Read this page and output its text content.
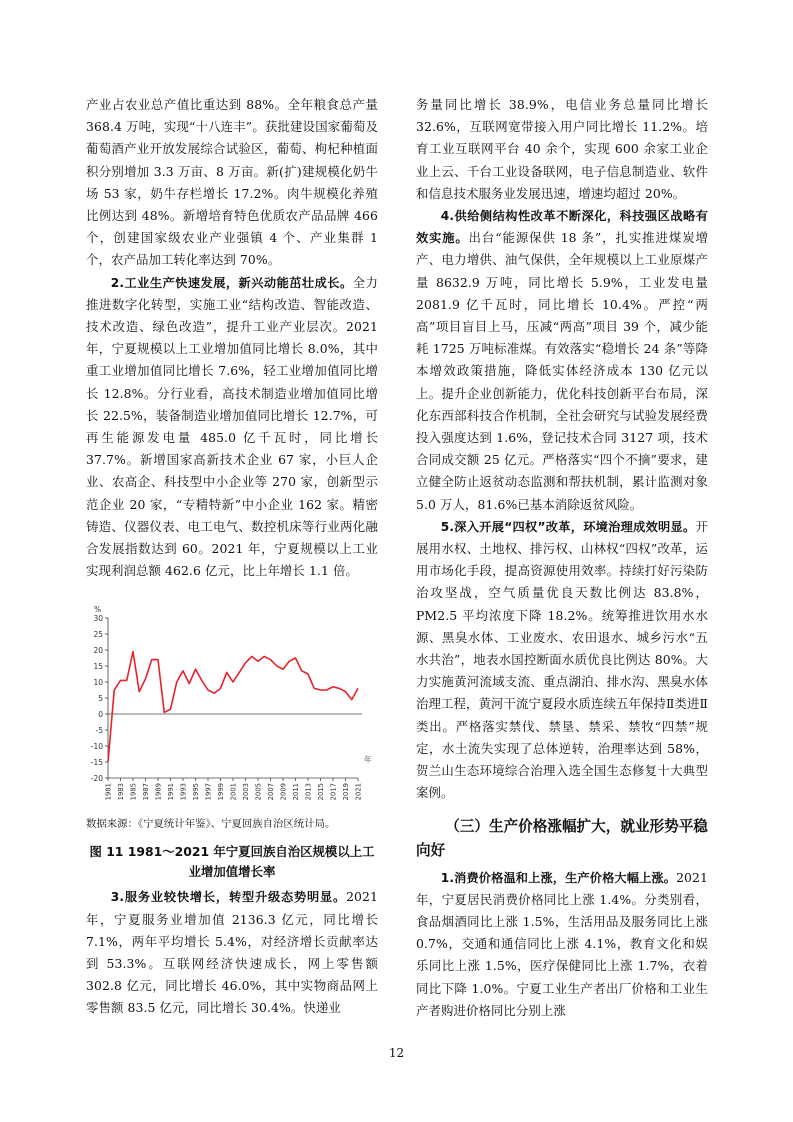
产业占农业总产值比重达到 88%。全年粮食总产量 368.4 万吨，实现“十八连丰”。获批建设国家葡萄及葡萄酒产业开放发展综合试验区，葡萄、枸杞种植面积分别增加 3.3 万亩、8 万亩。新(扩)建规模化奶牛场 53 家，奶牛存栏增长 17.2%。肉牛规模化养殖比例达到 48%。新增培育特色优质农产品品牌 466 个，创建国家级农业产业强镇 4 个、产业集群 1 个，农产品加工转化率达到 70%。

2.工业生产快速发展，新兴动能茁壮成长。全力推进数字化转型，实施工业“结构改造、智能改造、技术改造、绿色改造”，提升工业产业层次。2021 年，宁夏规模以上工业增加值同比增长 8.0%，其中重工业增加值同比增长 7.6%，轻工业增加值同比增长 12.8%。分行业看，高技术制造业增加值同比增长 22.5%，装备制造业增加值同比增长 12.7%，可再生能源发电量 485.0 亿千瓦时，同比增长 37.7%。新增国家高新技术企业 67 家，小巨人企业、农高企、科技型中小企业等 270 家，创新型示范企业 20 家，“专精特新”中小企业 162 家。精密铸造、仪器仪表、电工电气、数控机床等行业两化融合发展指数达到 60。2021 年，宁夏规模以上工业实现利润总额 462.6 亿元，比上年增长 1.1 倍。

-20
-15
-10
-5
0
5
10
15
20
25
30
%
1981 1983 1985 1987 1989 1991 1993 1995 1997 1999 2001 2003 2005 2007 2009 2011 2013 2015 2017 2019 2021
年
数据来源：《宁夏统计年鉴》、宁夏回族自治区统计局。
图 11 1981～2021 年宁夏回族自治区规模以上工业增加值增长率

3.服务业较快增长，转型升级态势明显。2021 年，宁夏服务业增加值 2136.3 亿元，同比增长 7.1%，两年平均增长 5.4%，对经济增长贡献率达到 53.3%。互联网经济快速成长，网上零售额 302.8 亿元，同比增长 46.0%，其中实物商品网上零售额 83.5 亿元，同比增长 30.4%。快递业

务量同比增长 38.9%，电信业务总量同比增长 32.6%，互联网宽带接入用户同比增长 11.2%。培育工业互联网平台 40 余个，实现 600 余家工业企业上云、千台工业设备联网，电子信息制造业、软件和信息技术服务业发展迅速，增速均超过 20%。

4.供给侧结构性改革不断深化，科技强区战略有效实施。出台“能源保供 18 条”，扎实推进煤炭增产、电力增供、油气保供，全年规模以上工业原煤产量 8632.9 万吨，同比增长 5.9%，工业发电量 2081.9 亿千瓦时，同比增长 10.4%。严控“两高”项目盲目上马，压减“两高”项目 39 个，减少能耗 1725 万吨标准煤。有效落实“稳增长 24 条”等降本增效政策措施，降低实体经济成本 130 亿元以上。提升企业创新能力，优化科技创新平台布局，深化东西部科技合作机制，全社会研究与试验发展经费投入强度达到 1.6%，登记技术合同 3127 项，技术合同成交额 25 亿元。严格落实“四个不摘”要求，建立健全防止返贫动态监测和帮扶机制，累计监测对象 5.0 万人，81.6%已基本消除返贫风险。

5.深入开展“四权”改革，环境治理成效明显。开展用水权、土地权、排污权、山林权“四权”改革，运用市场化手段，提高资源使用效率。持续打好污染防治攻坚战，空气质量优良天数比例达 83.8%，PM2.5 平均浓度下降 18.2%。统筹推进饮用水水源、黑臭水体、工业废水、农田退水、城乡污水“五水共治”，地表水国控断面水质优良比例达 80%。大力实施黄河流域支流、重点湖泊、排水沟、黑臭水体治理工程，黄河干流宁夏段水质连续五年保持Ⅱ类进Ⅱ类出。严格落实禁伐、禁垦、禁采、禁牧“四禁”规定，水土流失实现了总体逆转，治理率达到 58%，贺兰山生态环境综合治理入选全国生态修复十大典型案例。

（三）生产价格涨幅扩大，就业形势平稳向好

1.消费价格温和上涨，生产价格大幅上涨。2021 年，宁夏居民消费价格同比上涨 1.4%。分类别看，食品烟酒同比上涨 1.5%，生活用品及服务同比上涨 0.7%，交通和通信同比上涨 4.1%，教育文化和娱乐同比上涨 1.5%，医疗保健同比上涨 1.7%，衣着同比下降 1.0%。宁夏工业生产者出厂价格和工业生产者购进价格同比分别上涨

12
